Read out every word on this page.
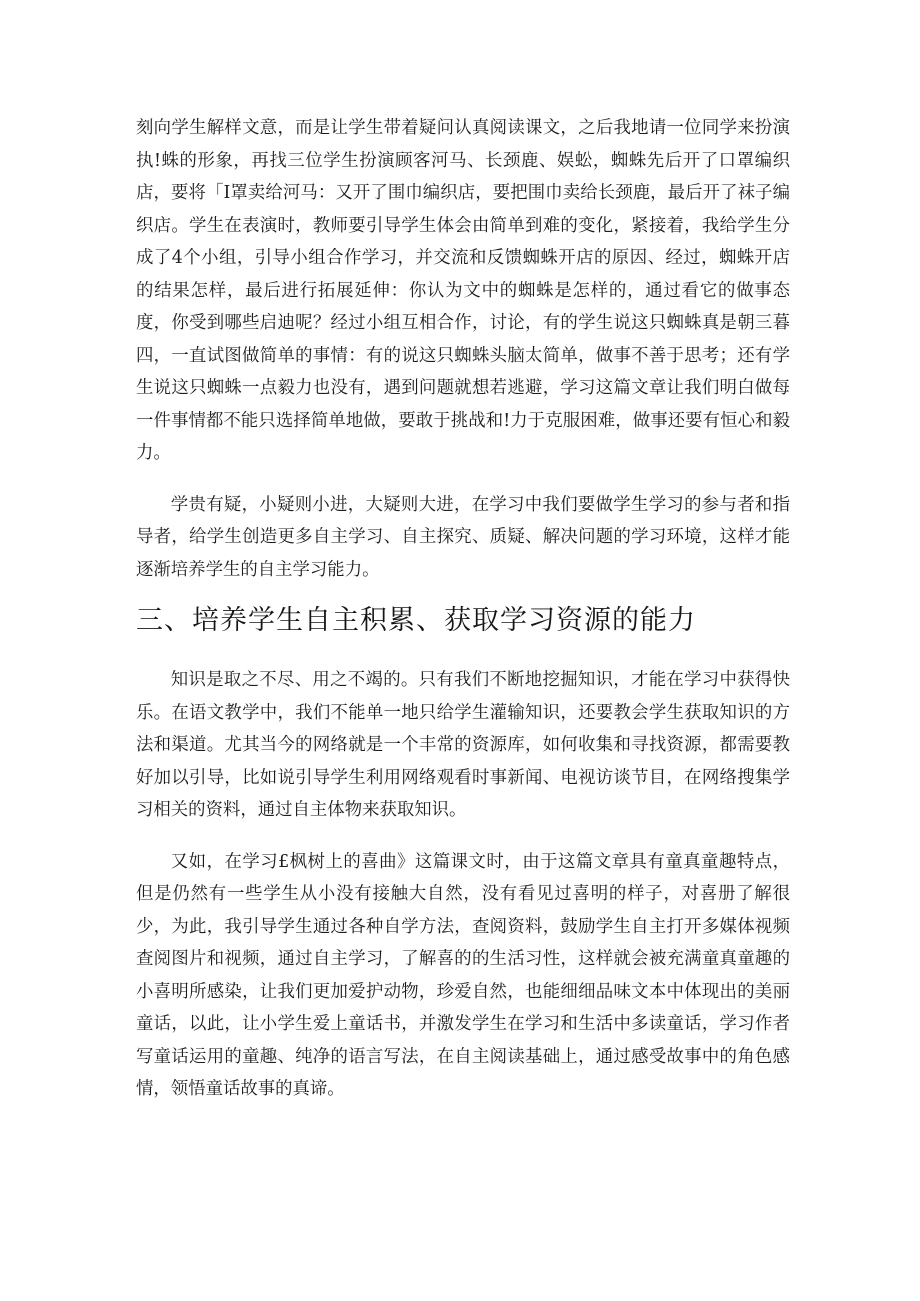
刻向学生解样文意，而是让学生带着疑问认真阅读课文，之后我地请一位同学来扮演执!蛛的形象，再找三位学生扮演顾客河马、长颈鹿、娱蚣，蜘蛛先后开了口罩编织店，要将「I罩卖给河马：又开了围巾编织店，要把围巾卖给长颈鹿，最后开了袜子编织店。学生在表演时，教师要引导学生体会由简单到难的变化，紧接着，我给学生分成了4个小组，引导小组合作学习，并交流和反馈蜘蛛开店的原因、经过，蜘蛛开店的结果怎样，最后进行拓展延伸：你认为文中的蜘蛛是怎样的，通过看它的做事态度，你受到哪些启迪呢？经过小组互相合作，讨论，有的学生说这只蜘蛛真是朝三暮四，一直试图做简单的事情：有的说这只蜘蛛头脑太简单，做事不善于思考；还有学生说这只蜘蛛一点毅力也没有，遇到问题就想若逃避，学习这篇文章让我们明白做每一件事情都不能只选择简单地做，要敢于挑战和!力于克服困难，做事还要有恒心和毅力。

学贵有疑，小疑则小进，大疑则大进，在学习中我们要做学生学习的参与者和指导者，给学生创造更多自主学习、自主探究、质疑、解决问题的学习环境，这样才能逐渐培养学生的自主学习能力。

三、培养学生自主积累、获取学习资源的能力

知识是取之不尽、用之不竭的。只有我们不断地挖掘知识，才能在学习中获得快乐。在语文教学中，我们不能单一地只给学生灌输知识，还要教会学生获取知识的方法和渠道。尤其当今的网络就是一个丰常的资源库，如何收集和寻找资源，都需要教好加以引导，比如说引导学生利用网络观看时事新闻、电视访谈节目，在网络搜集学习相关的资料，通过自主体物来获取知识。

又如，在学习£枫树上的喜曲》这篇课文时，由于这篇文章具有童真童趣特点，但是仍然有一些学生从小没有接触大自然，没有看见过喜明的样子，对喜册了解很少，为此，我引导学生通过各种自学方法，查阅资料，鼓励学生自主打开多媒体视频查阅图片和视频，通过自主学习，了解喜的的生活习性，这样就会被充满童真童趣的小喜明所感染，让我们更加爱护动物，珍爱自然，也能细细品味文本中体现出的美丽童话，以此，让小学生爱上童话书，并激发学生在学习和生活中多读童话，学习作者写童话运用的童趣、纯净的语言写法，在自主阅读基础上，通过感受故事中的角色感情，领悟童话故事的真谛。
